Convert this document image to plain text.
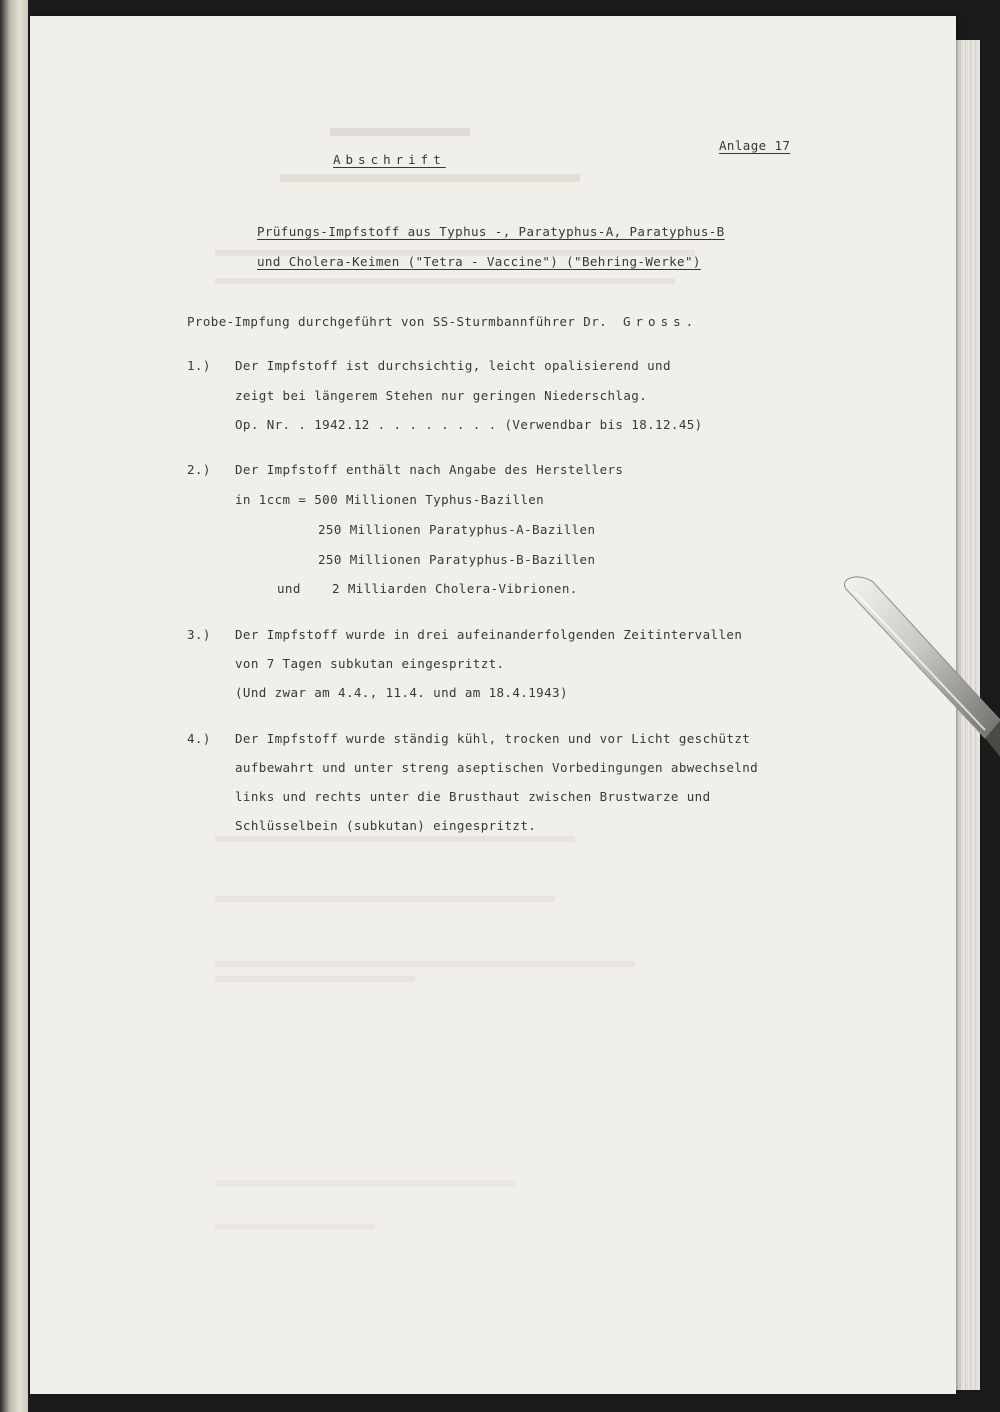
Anlage 17
Abschrift
Prüfungs-Impfstoff aus Typhus -, Paratyphus-A, Paratyphus-B
und Cholera-Keimen ("Tetra - Vaccine") ("Behring-Werke")
Probe-Impfung durchgeführt von SS-Sturmbannführer Dr. Gross.
1.) Der Impfstoff ist durchsichtig, leicht opalisierend und
zeigt bei längerem Stehen nur geringen Niederschlag.
Op. Nr. . 1942.12 . . . . . . . . (Verwendbar bis 18.12.45)
2.) Der Impfstoff enthält nach Angabe des Herstellers
in 1ccm = 500 Millionen Typhus-Bazillen
250 Millionen Paratyphus-A-Bazillen
250 Millionen Paratyphus-B-Bazillen
und 2 Milliarden Cholera-Vibrionen.
3.) Der Impfstoff wurde in drei aufeinanderfolgenden Zeitintervallen
von 7 Tagen subkutan eingespritzt.
(Und zwar am 4.4., 11.4. und am 18.4.1943)
4.) Der Impfstoff wurde ständig kühl, trocken und vor Licht geschützt
aufbewahrt und unter streng aseptischen Vorbedingungen abwechselnd
links und rechts unter die Brusthaut zwischen Brustwarze und
Schlüsselbein (subkutan) eingespritzt.
